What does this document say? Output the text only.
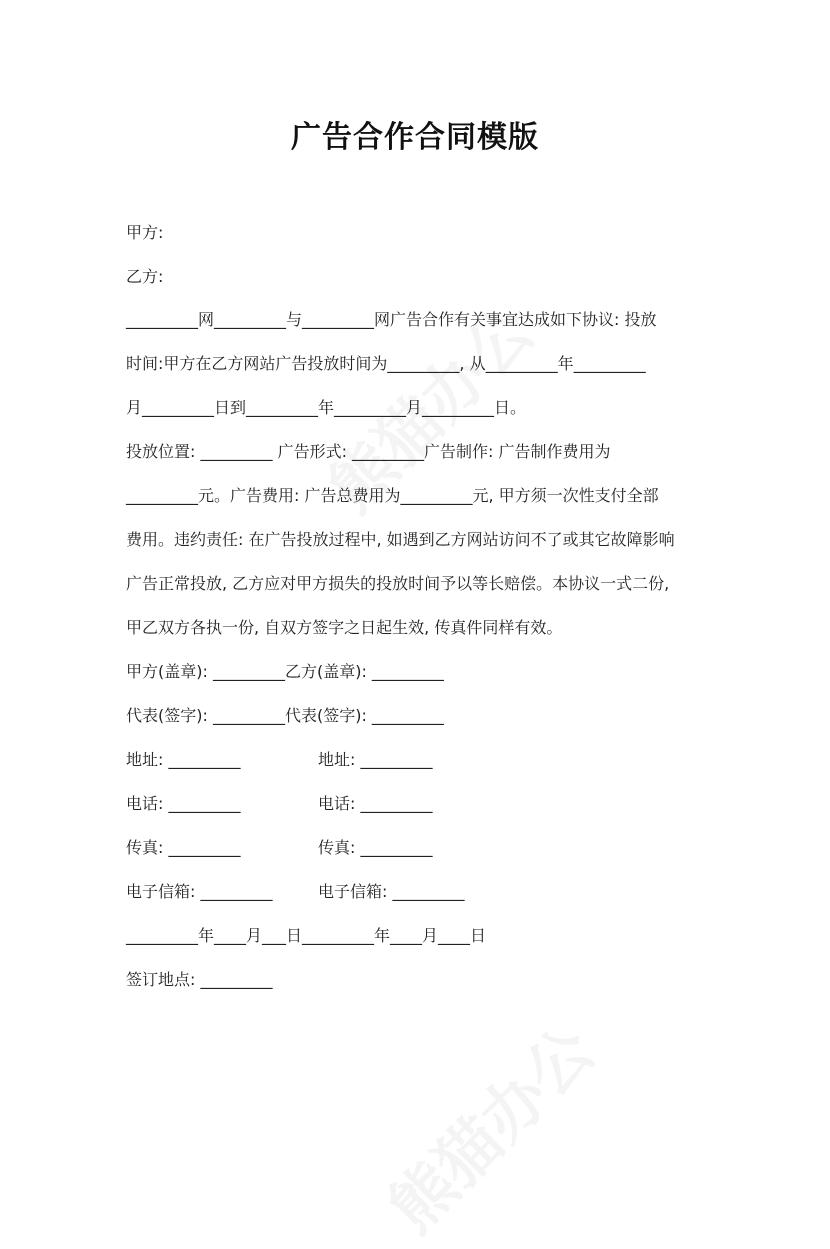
广告合作合同模版
甲方:
乙方:
_________网_________与_________网广告合作有关事宜达成如下协议: 投放
时间:甲方在乙方网站广告投放时间为_________, 从_________年_________
月_________日到_________年_________月_________日。
投放位置: _________ 广告形式: _________广告制作: 广告制作费用为
_________元。广告费用: 广告总费用为_________元, 甲方须一次性支付全部
费用。违约责任: 在广告投放过程中, 如遇到乙方网站访问不了或其它故障影响
广告正常投放, 乙方应对甲方损失的投放时间予以等长赔偿。本协议一式二份,
甲乙双方各执一份, 自双方签字之日起生效, 传真件同样有效。
甲方(盖章): _________乙方(盖章): _________
代表(签字): _________代表(签字): _________
地址: _________	地址: _________
电话: _________	电话: _________
传真: _________	传真: _________
电子信箱: _________	电子信箱: _________
_________年____月___日_________年____月____日
签订地点: _________
